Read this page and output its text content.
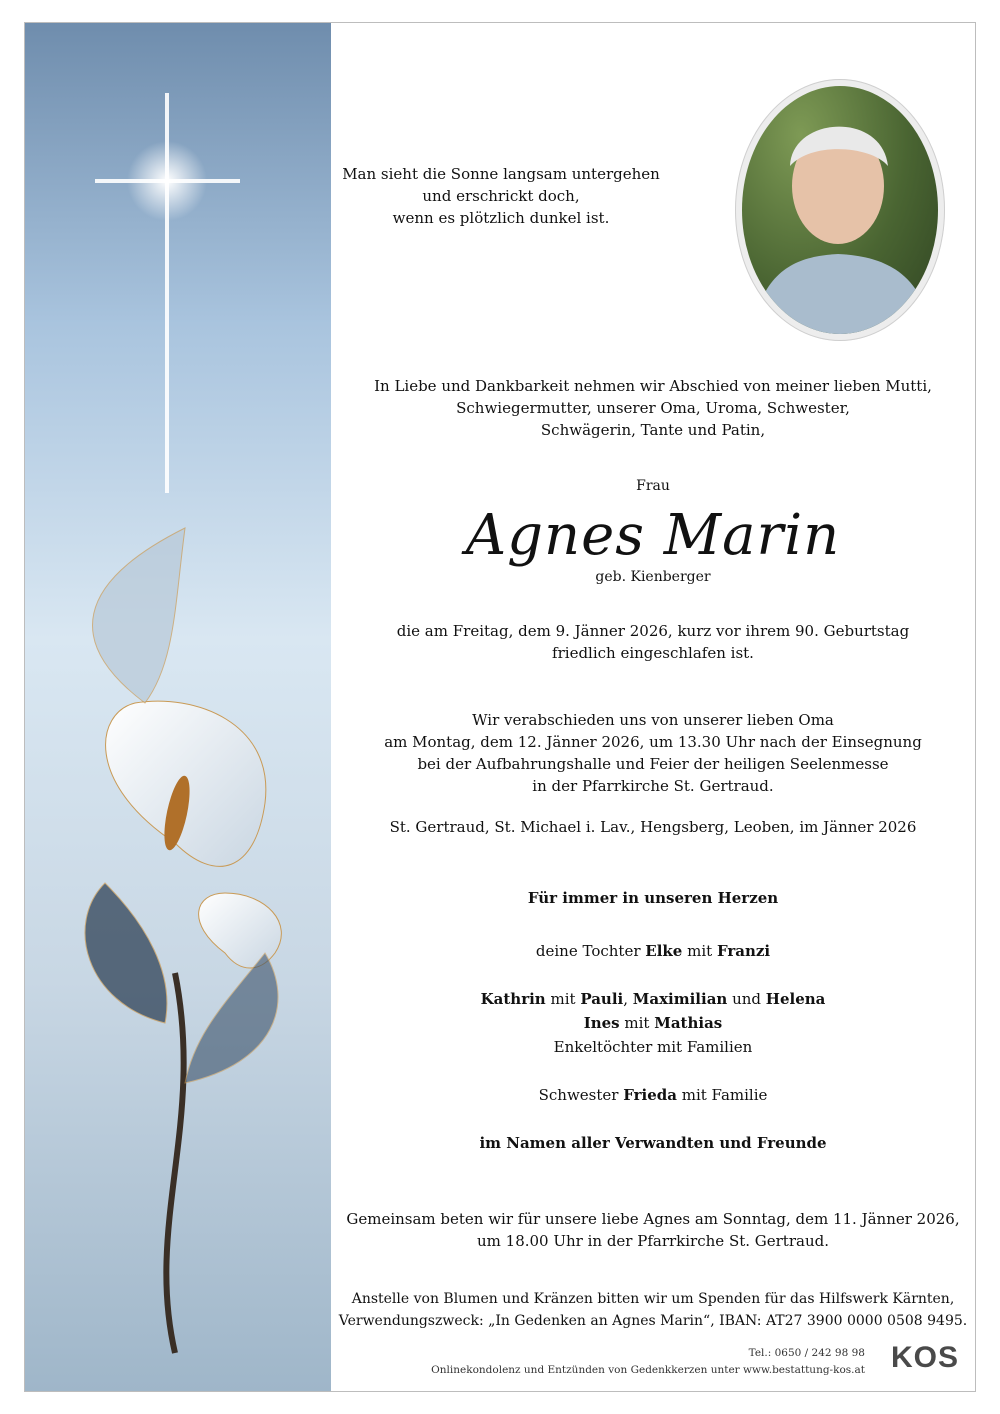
Man sieht die Sonne langsam untergehen
und erschrickt doch,
wenn es plötzlich dunkel ist.
In Liebe und Dankbarkeit nehmen wir Abschied von meiner lieben Mutti,
Schwiegermutter, unserer Oma, Uroma, Schwester,
Schwägerin, Tante und Patin,
Frau
Agnes Marin
geb. Kienberger
die am Freitag, dem 9. Jänner 2026, kurz vor ihrem 90. Geburtstag
friedlich eingeschlafen ist.
Wir verabschieden uns von unserer lieben Oma
am Montag, dem 12. Jänner 2026, um 13.30 Uhr nach der Einsegnung
bei der Aufbahrungshalle und Feier der heiligen Seelenmesse
in der Pfarrkirche St. Gertraud.
St. Gertraud, St. Michael i. Lav., Hengsberg, Leoben, im Jänner 2026
Für immer in unseren Herzen
deine Tochter Elke mit Franzi
Kathrin mit Pauli, Maximilian und Helena
Ines mit Mathias
Enkeltöchter mit Familien
Schwester Frieda mit Familie
im Namen aller Verwandten und Freunde
Gemeinsam beten wir für unsere liebe Agnes am Sonntag, dem 11. Jänner 2026,
um 18.00 Uhr in der Pfarrkirche St. Gertraud.
Anstelle von Blumen und Kränzen bitten wir um Spenden für das Hilfswerk Kärnten,
Verwendungszweck: „In Gedenken an Agnes Marin“, IBAN: AT27 3900 0000 0508 9495.
Tel.: 0650 / 242 98 98
Onlinekondolenz und Entzünden von Gedenkkerzen unter www.bestattung-kos.at KOS
